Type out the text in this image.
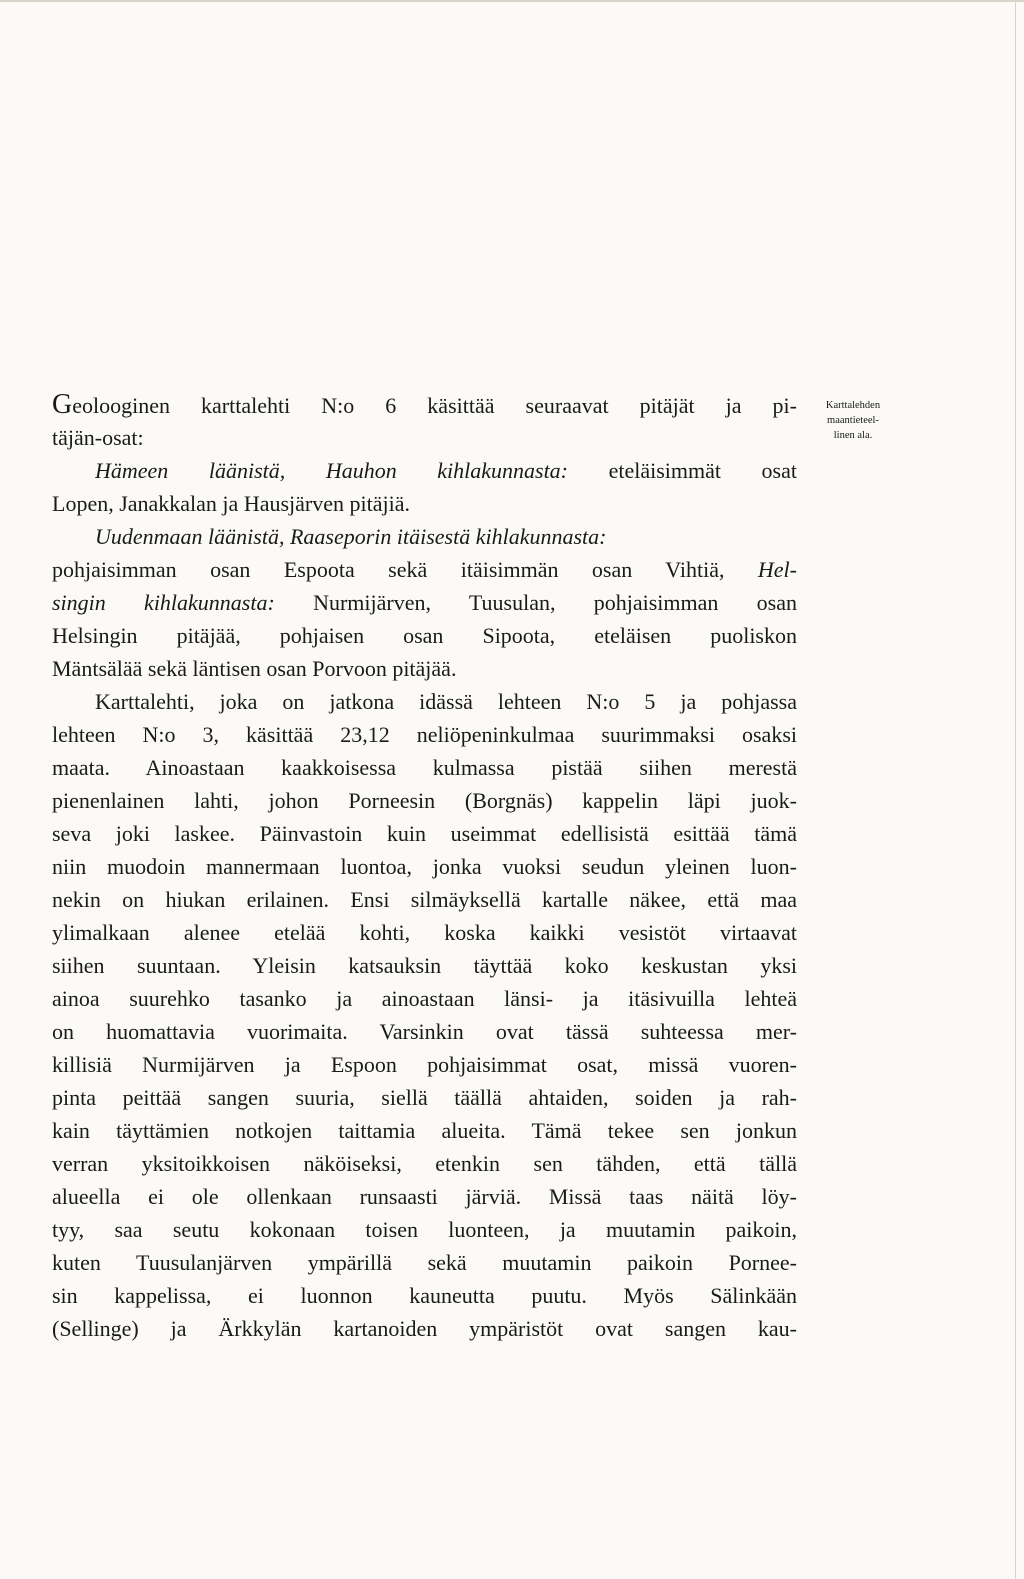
Karttalehden
maantieteel-
linen ala.
Geolooginen karttalehti N:o 6 käsittää seuraavat pitäjät ja pi-
täjän-osat:
Hämeen läänistä, Hauhon kihlakunnasta: eteläisimmät osat
Lopen, Janakkalan ja Hausjärven pitäjiä.
Uudenmaan läänistä, Raaseporin itäisestä kihlakunnasta:
pohjaisimman osan Espoota sekä itäisimmän osan Vihtiä, Hel-
singin kihlakunnasta: Nurmijärven, Tuusulan, pohjaisimman osan
Helsingin pitäjää, pohjaisen osan Sipoota, eteläisen puoliskon
Mäntsälää sekä läntisen osan Porvoon pitäjää.
Karttalehti, joka on jatkona idässä lehteen N:o 5 ja pohjassa
lehteen N:o 3, käsittää 23,12 neliöpeninkulmaa suurimmaksi osaksi
maata. Ainoastaan kaakkoisessa kulmassa pistää siihen merestä
pienenlainen lahti, johon Porneesin (Borgnäs) kappelin läpi juok-
seva joki laskee. Päinvastoin kuin useimmat edellisistä esittää tämä
niin muodoin mannermaan luontoa, jonka vuoksi seudun yleinen luon-
nekin on hiukan erilainen. Ensi silmäyksellä kartalle näkee, että maa
ylimalkaan alenee etelää kohti, koska kaikki vesistöt virtaavat
siihen suuntaan. Yleisin katsauksin täyttää koko keskustan yksi
ainoa suurehko tasanko ja ainoastaan länsi- ja itäsivuilla lehteä
on huomattavia vuorimaita. Varsinkin ovat tässä suhteessa mer-
killisiä Nurmijärven ja Espoon pohjaisimmat osat, missä vuoren-
pinta peittää sangen suuria, siellä täällä ahtaiden, soiden ja rah-
kain täyttämien notkojen taittamia alueita. Tämä tekee sen jonkun
verran yksitoikkoisen näköiseksi, etenkin sen tähden, että tällä
alueella ei ole ollenkaan runsaasti järviä. Missä taas näitä löy-
tyy, saa seutu kokonaan toisen luonteen, ja muutamin paikoin,
kuten Tuusulanjärven ympärillä sekä muutamin paikoin Pornee-
sin kappelissa, ei luonnon kauneutta puutu. Myös Sälinkään
(Sellinge) ja Ärkkylän kartanoiden ympäristöt ovat sangen kau-
